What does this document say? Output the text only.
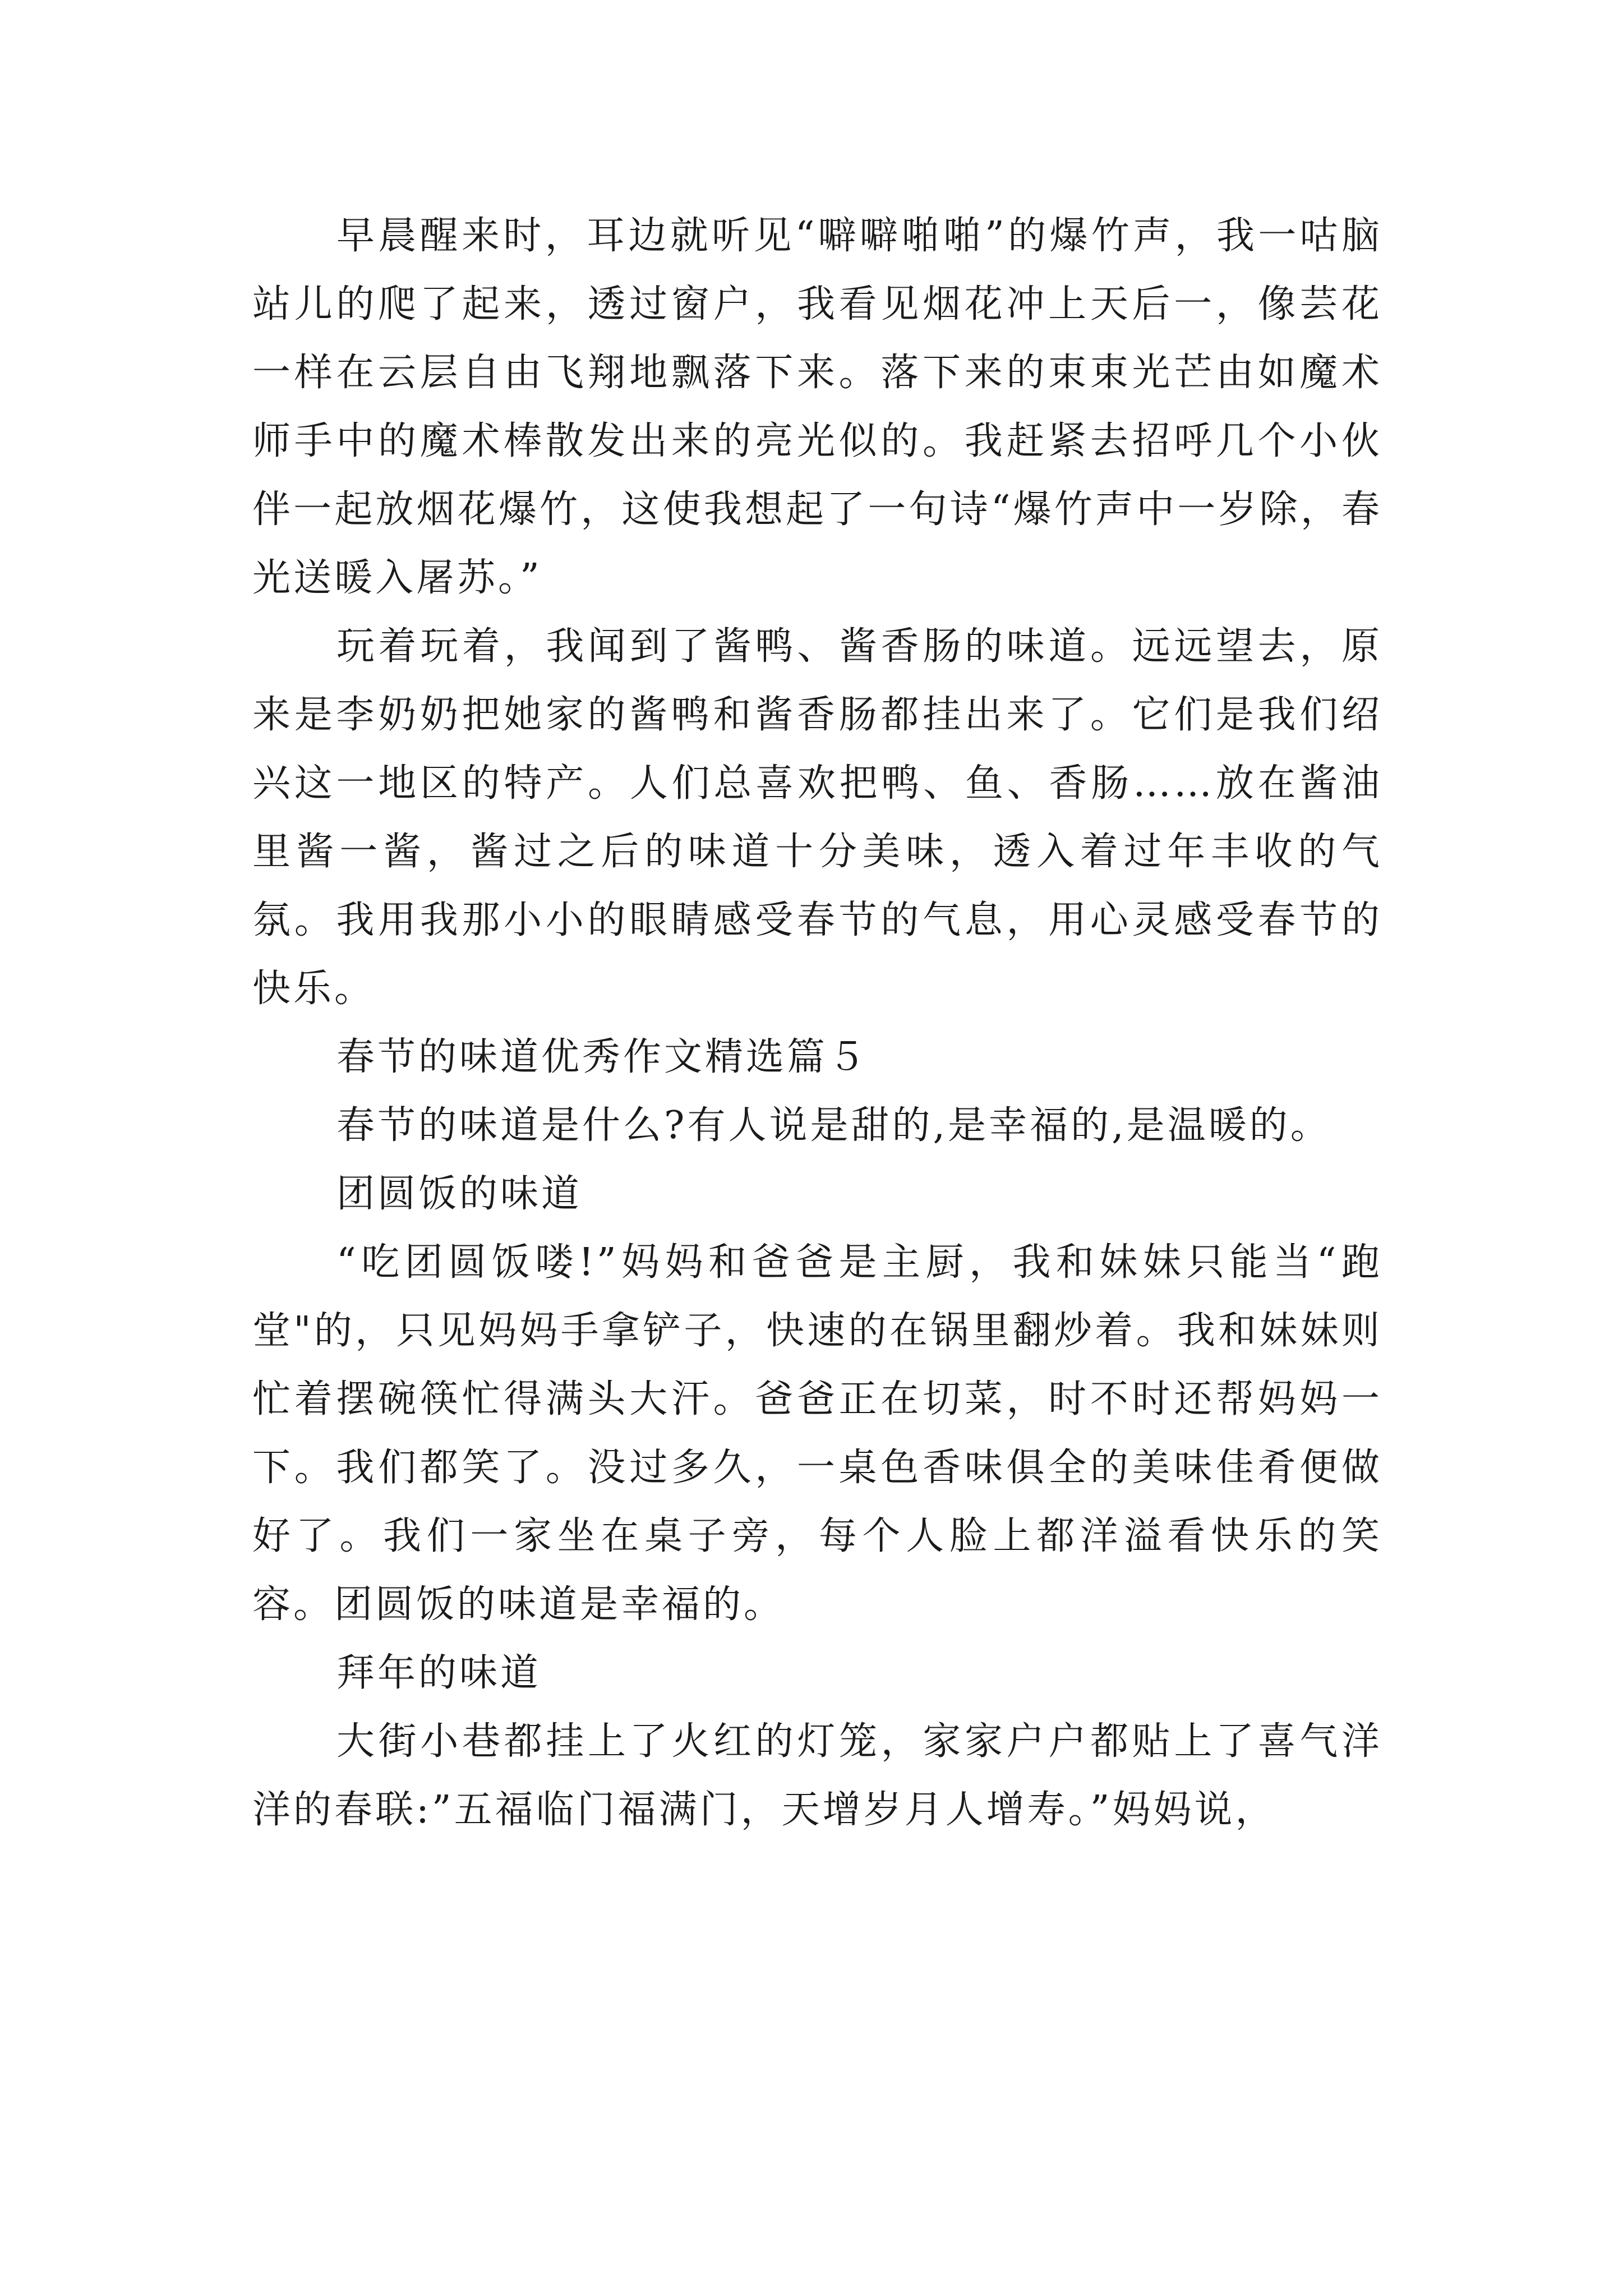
早晨醒来时，耳边就听见“噼噼啪啪”的爆竹声，我一咕脑站儿的爬了起来，透过窗户，我看见烟花冲上天后一，像芸花一样在云层自由飞翔地飘落下来。落下来的束束光芒由如魔术师手中的魔术棒散发出来的亮光似的。我赶紧去招呼几个小伙伴一起放烟花爆竹，这使我想起了一句诗“爆竹声中一岁除，春光送暖入屠苏。”

玩着玩着，我闻到了酱鸭、酱香肠的味道。远远望去，原来是李奶奶把她家的酱鸭和酱香肠都挂出来了。它们是我们绍兴这一地区的特产。人们总喜欢把鸭、鱼、香肠……放在酱油里酱一酱，酱过之后的味道十分美味，透入着过年丰收的气氛。我用我那小小的眼睛感受春节的气息，用心灵感受春节的快乐。

春节的味道优秀作文精选篇５

春节的味道是什么?有人说是甜的,是幸福的,是温暖的。

团圆饭的味道

“吃团圆饭喽!”妈妈和爸爸是主厨，我和妹妹只能当“跑堂"的，只见妈妈手拿铲子，快速的在锅里翻炒着。我和妹妹则忙着摆碗筷忙得满头大汗。爸爸正在切菜，时不时还帮妈妈一下。我们都笑了。没过多久，一桌色香味俱全的美味佳肴便做好了。我们一家坐在桌子旁，每个人脸上都洋溢看快乐的笑容。团圆饭的味道是幸福的。

拜年的味道

大街小巷都挂上了火红的灯笼，家家户户都贴上了喜气洋洋的春联:”五福临门福满门，天增岁月人增寿。”妈妈说，
